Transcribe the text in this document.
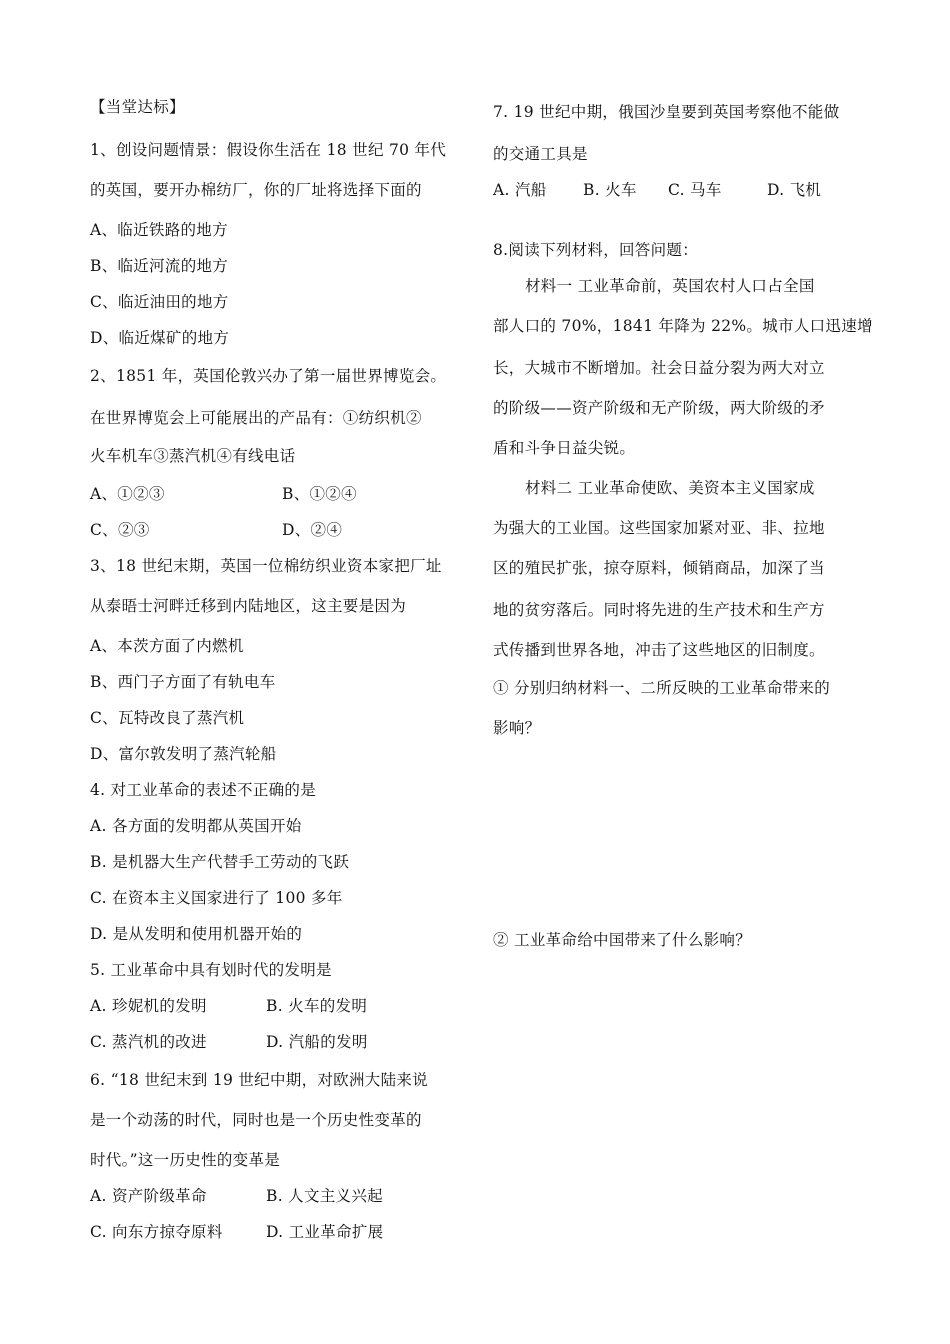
【当堂达标】
1、创设问题情景：假设你生活在 18 世纪 70 年代
的英国，要开办棉纺厂，你的厂址将选择下面的
A、临近铁路的地方
B、临近河流的地方
C、临近油田的地方
D、临近煤矿的地方
2、1851 年，英国伦敦兴办了第一届世界博览会。
在世界博览会上可能展出的产品有：①纺织机②
火车机车③蒸汽机④有线电话
A、①②③	B、①②④
C、②③	D、②④
3、18 世纪末期，英国一位棉纺织业资本家把厂址
从泰晤士河畔迁移到内陆地区，这主要是因为
A、本茨方面了内燃机
B、西门子方面了有轨电车
C、瓦特改良了蒸汽机
D、富尔敦发明了蒸汽轮船
4. 对工业革命的表述不正确的是
A. 各方面的发明都从英国开始
B. 是机器大生产代替手工劳动的飞跃
C. 在资本主义国家进行了 100 多年
D. 是从发明和使用机器开始的
5. 工业革命中具有划时代的发明是
A. 珍妮机的发明	B. 火车的发明
C. 蒸汽机的改进	D. 汽船的发明
6. “18 世纪末到 19 世纪中期，对欧洲大陆来说
是一个动荡的时代，同时也是一个历史性变革的
时代。”这一历史性的变革是
A. 资产阶级革命	B. 人文主义兴起
C. 向东方掠夺原料	D. 工业革命扩展
7. 19 世纪中期，俄国沙皇要到英国考察他不能做
的交通工具是
A. 汽船 B. 火车 C. 马车	D. 飞机
8.阅读下列材料，回答问题：
材料一 工业革命前，英国农村人口占全国
部人口的 70%，1841 年降为 22%。城市人口迅速增
长，大城市不断增加。社会日益分裂为两大对立
的阶级——资产阶级和无产阶级，两大阶级的矛
盾和斗争日益尖锐。
材料二 工业革命使欧、美资本主义国家成
为强大的工业国。这些国家加紧对亚、非、拉地
区的殖民扩张，掠夺原料，倾销商品，加深了当
地的贫穷落后。同时将先进的生产技术和生产方
式传播到世界各地，冲击了这些地区的旧制度。
① 分别归纳材料一、二所反映的工业革命带来的
影响？
② 工业革命给中国带来了什么影响？
